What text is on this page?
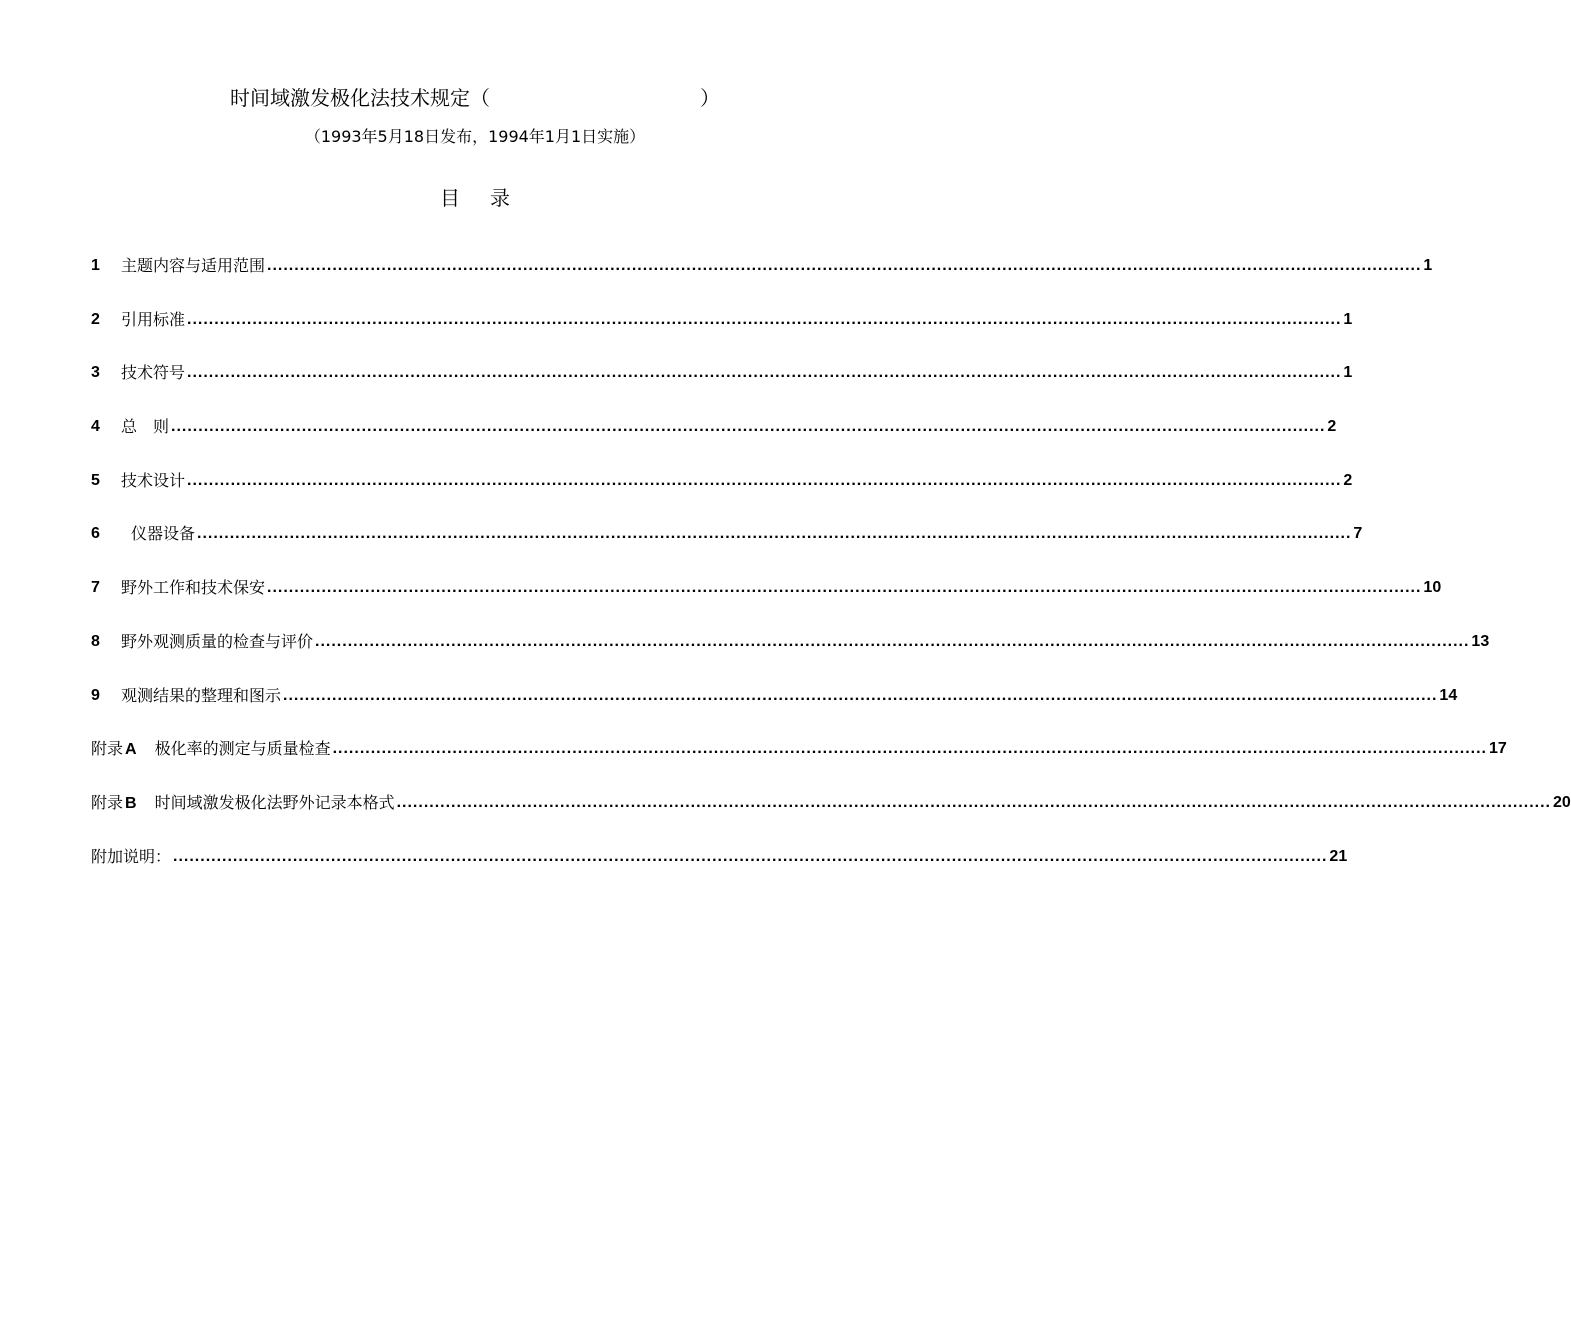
时间域激发极化法技术规定（	）
（1993年5月18日发布，1994年1月1日实施）
目录
1	主题内容与适用范围 .................................................................................................................................................................................................................... 1
2	引用标准 .................................................................................................................................................................................................................... 1
3	技术符号 .................................................................................................................................................................................................................... 1
4	总　则 .................................................................................................................................................................................................................... 2
5	技术设计 .................................................................................................................................................................................................................... 2
6	仪器设备 .................................................................................................................................................................................................................... 7
7	野外工作和技术保安 .................................................................................................................................................................................................................... 10
8	野外观测质量的检查与评价 .................................................................................................................................................................................................................... 13
9	观测结果的整理和图示 .................................................................................................................................................................................................................... 14
附录 A	极化率的测定与质量检查 .................................................................................................................................................................................................................... 17
附录 B	时间域激发极化法野外记录本格式 .................................................................................................................................................................................................................... 20
附加说明： .................................................................................................................................................................................................................... 21
